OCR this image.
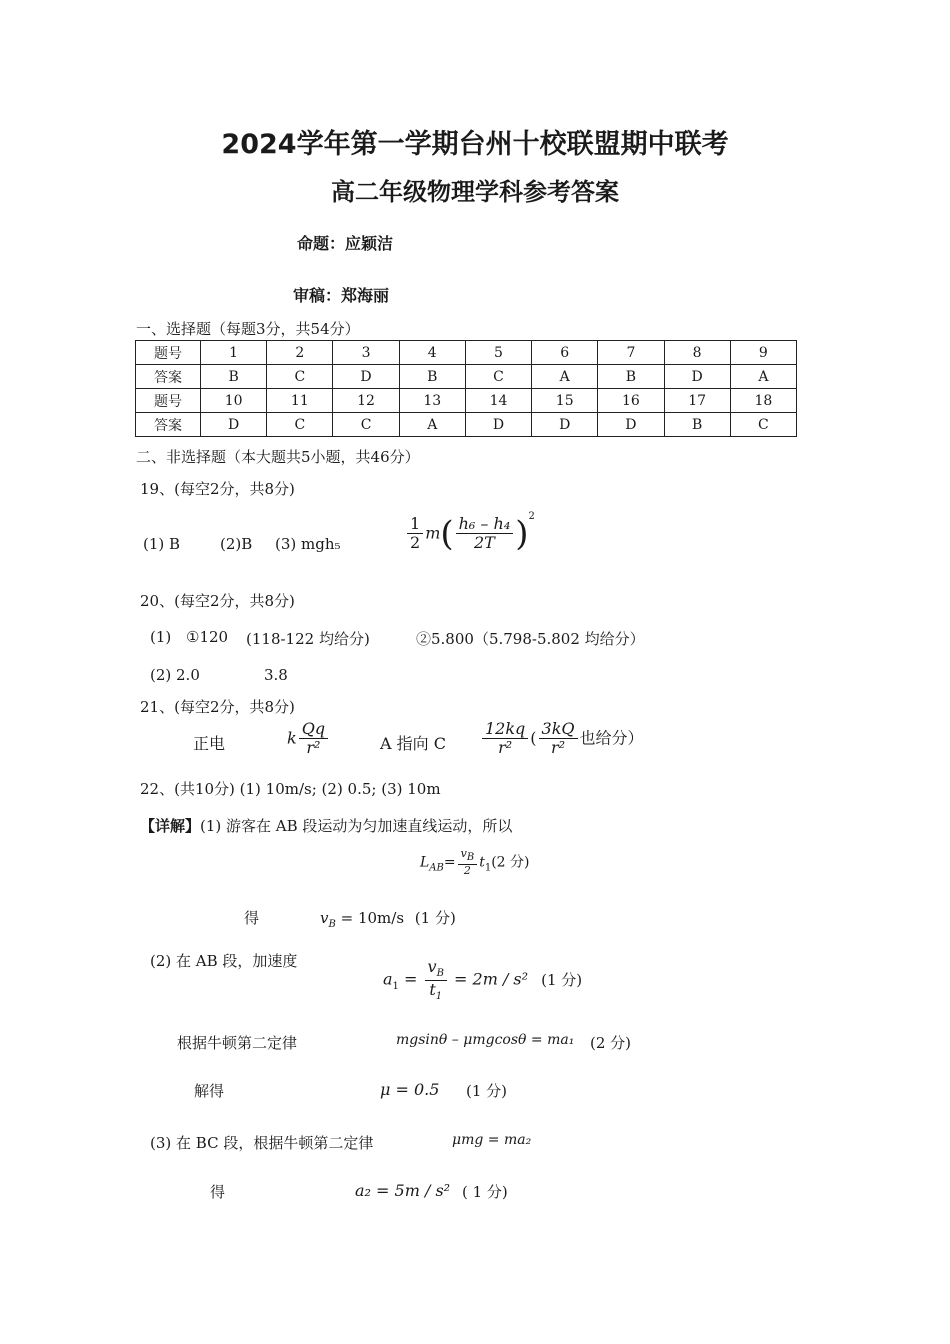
2024学年第一学期台州十校联盟期中联考
高二年级物理学科参考答案
命题：应颖洁
审稿：郑海丽
一、选择题（每题3分，共54分）
题号	1	2	3	4	5	6	7	8	9
答案	B	C	D	B	C	A	B	D	A
题号	10	11	12	13	14	15	16	17	18
答案	D	C	C	A	D	D	D	B	C
二、非选择题（本大题共5小题，共46分）
19、(每空2分，共8分)
(1) B	(2)B (3) mgh₅	$\frac{1}{2} m( \frac{\text{h₆ – h₄}}{2T} )^2$
20、(每空2分，共8分)
(1) ①120 (118-122 均给分)	②5.800（5.798-5.802 均给分）
(2) 2.0	3.8
21、(每空2分，共8分)
正电	k $\frac{Qq}{\text{r²}}$	A 指向 C $\frac{12kq}{\text{r²}}$ ( $\frac{3kQ}{\text{r²}}$ 也给分）
22、(共10分) (1) 10m/s; (2) 0.5; (3) 10m
【详解】(1) 游客在 AB 段运动为匀加速直线运动，所以
$L_{AB}= \frac{v_B}{2} t_1(2$ 分)
得	$v_B = 10m/s$ (1 分)
(2) 在 AB 段，加速度
$a_1 = \frac{v_B}{t_1} = 2m / s^2$ (1 分)
根据牛顿第二定律	mgsinθ – μmgcosθ = ma₁ (2 分)
解得	μ = 0.5 (1 分)
(3) 在 BC 段，根据牛顿第二定律	μmg = ma₂
得	a₂ = 5m / s² ( 1 分)
